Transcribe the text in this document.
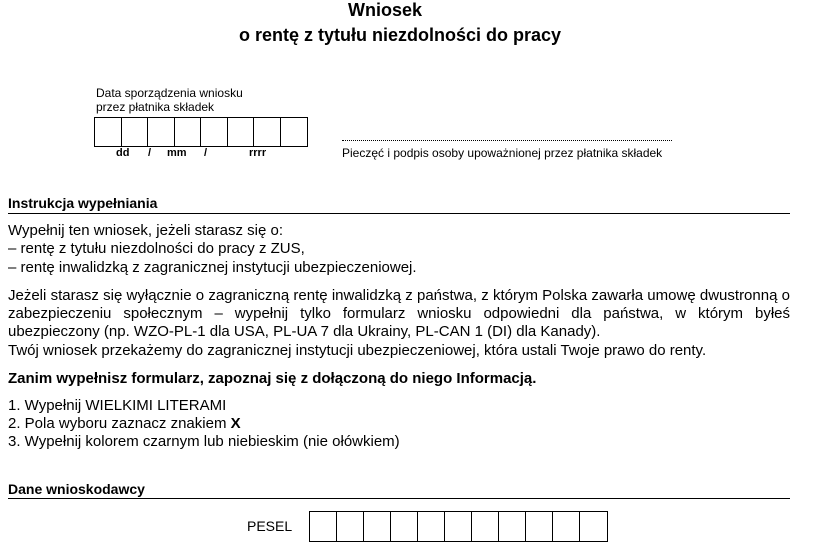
Wniosek
o rentę z tytułu niezdolności do pracy
Data sporządzenia wniosku
przez płatnika składek
dd / mm /	rrrr	Pieczęć i podpis osoby upoważnionej przez płatnika składek
Instrukcja wypełniania
Wypełnij ten wniosek, jeżeli starasz się o:
– rentę z tytułu niezdolności do pracy z ZUS,
– rentę inwalidzką z zagranicznej instytucji ubezpieczeniowej.
Jeżeli starasz się wyłącznie o zagraniczną rentę inwalidzką z państwa, z którym Polska zawarła umowę dwustronną o zabezpieczeniu społecznym – wypełnij tylko formularz wniosku odpowiedni dla państwa, w którym byłeś ubezpieczony (np. WZO-PL-1 dla USA, PL-UA 7 dla Ukrainy, PL-CAN 1 (DI) dla Kanady).
Twój wniosek przekażemy do zagranicznej instytucji ubezpieczeniowej, która ustali Twoje prawo do renty.
Zanim wypełnisz formularz, zapoznaj się z dołączoną do niego Informacją.
1. Wypełnij WIELKIMI LITERAMI
2. Pola wyboru zaznacz znakiem X
3. Wypełnij kolorem czarnym lub niebieskim (nie ołówkiem)
Dane wnioskodawcy
PESEL
